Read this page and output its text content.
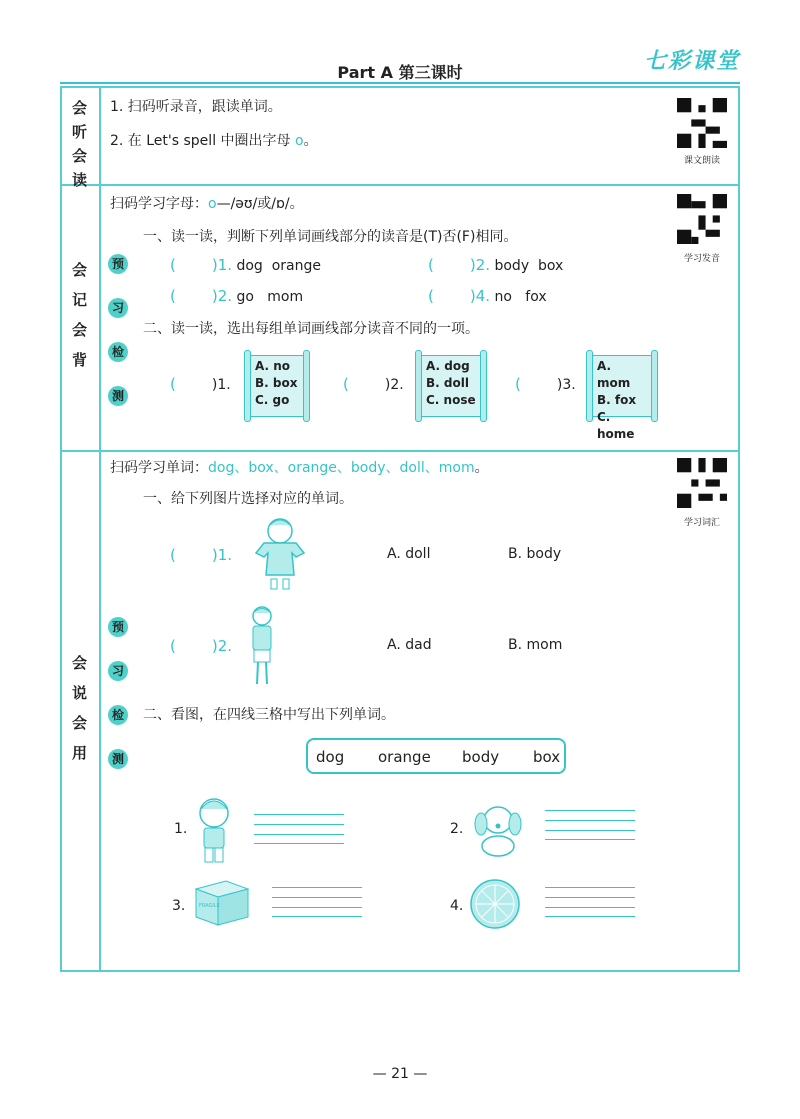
Part A 第三课时	七彩课堂
会
听
会
读
1. 扫码听录音，跟读单词。
2. 在 Let's spell 中圈出字母 o。
课文朗读
会
记
会
背
扫码学习字母：o—/əʊ/或/ɒ/。
学习发音
预
习
检
测
一、读一读，判断下列单词画线部分的读音是(T)否(F)相同。
( )1. dog orange	( )2. body box
( )2. go mom	( )4. no fox
二、读一读，选出每组单词画线部分读音不同的一项。
(	)1.
A. no
B. box
C. go
(	)2.
A. dog
B. doll
C. nose
(	)3.
A. mom
B. fox
C. home
会
说
会
用
扫码学习单词：dog、box、orange、body、doll、mom。
学习词汇
一、给下列图片选择对应的单词。
预
习
检
测
( )1.	A. doll	B. body
( )2.	A. dad	B. mom
二、看图，在四线三格中写出下列单词。
dog orange body box
1.	2.
3.	FRAGILE	4.
— 21 —
